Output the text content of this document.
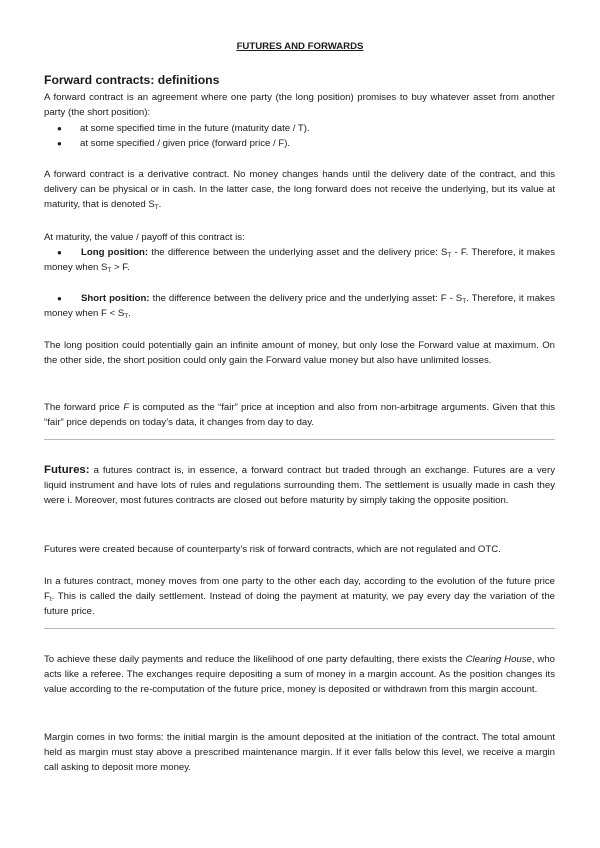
FUTURES AND FORWARDS

Forward contracts: definitions

A forward contract is an agreement where one party (the long position) promises to buy whatever asset from another party (the short position):

● at some specified time in the future (maturity date / T).
● at some specified / given price (forward price / F).

A forward contract is a derivative contract. No money changes hands until the delivery date of the contract, and this delivery can be physical or in cash. In the latter case, the long forward does not receive the underlying, but its value at maturity, that is denoted $S_T$.

At maturity, the value / payoff of this contract is:

● Long position: the difference between the underlying asset and the delivery price: $S_T$ - F. Therefore, it makes money when $S_T > F$.

● Short position: the difference between the delivery price and the underlying asset: F - $S_T$. Therefore, it makes money when $F < S_T$.

The long position could potentially gain an infinite amount of money, but only lose the Forward value at maximum. On the other side, the short position could only gain the Forward value money but also have unlimited losses.

The forward price F is computed as the “fair” price at inception and also from non-arbitrage arguments. Given that this “fair” price depends on today’s data, it changes from day to day.

Futures: a futures contract is, in essence, a forward contract but traded through an exchange. Futures are a very liquid instrument and have lots of rules and regulations surrounding them. The settlement is usually made in cash they were i. Moreover, most futures contracts are closed out before maturity by simply taking the opposite position.

Futures were created because of counterparty’s risk of forward contracts, which are not regulated and OTC.

In a futures contract, money moves from one party to the other each day, according to the evolution of the future price $F_t$. This is called the daily settlement. Instead of doing the payment at maturity, we pay every day the variation of the future price.

To achieve these daily payments and reduce the likelihood of one party defaulting, there exists the Clearing House, who acts like a referee. The exchanges require depositing a sum of money in a margin account. As the position changes its value according to the re-computation of the future price, money is deposited or withdrawn from this margin account.

Margin comes in two forms: the initial margin is the amount deposited at the initiation of the contract. The total amount held as margin must stay above a prescribed maintenance margin. If it ever falls below this level, we receive a margin call asking to deposit more money.
